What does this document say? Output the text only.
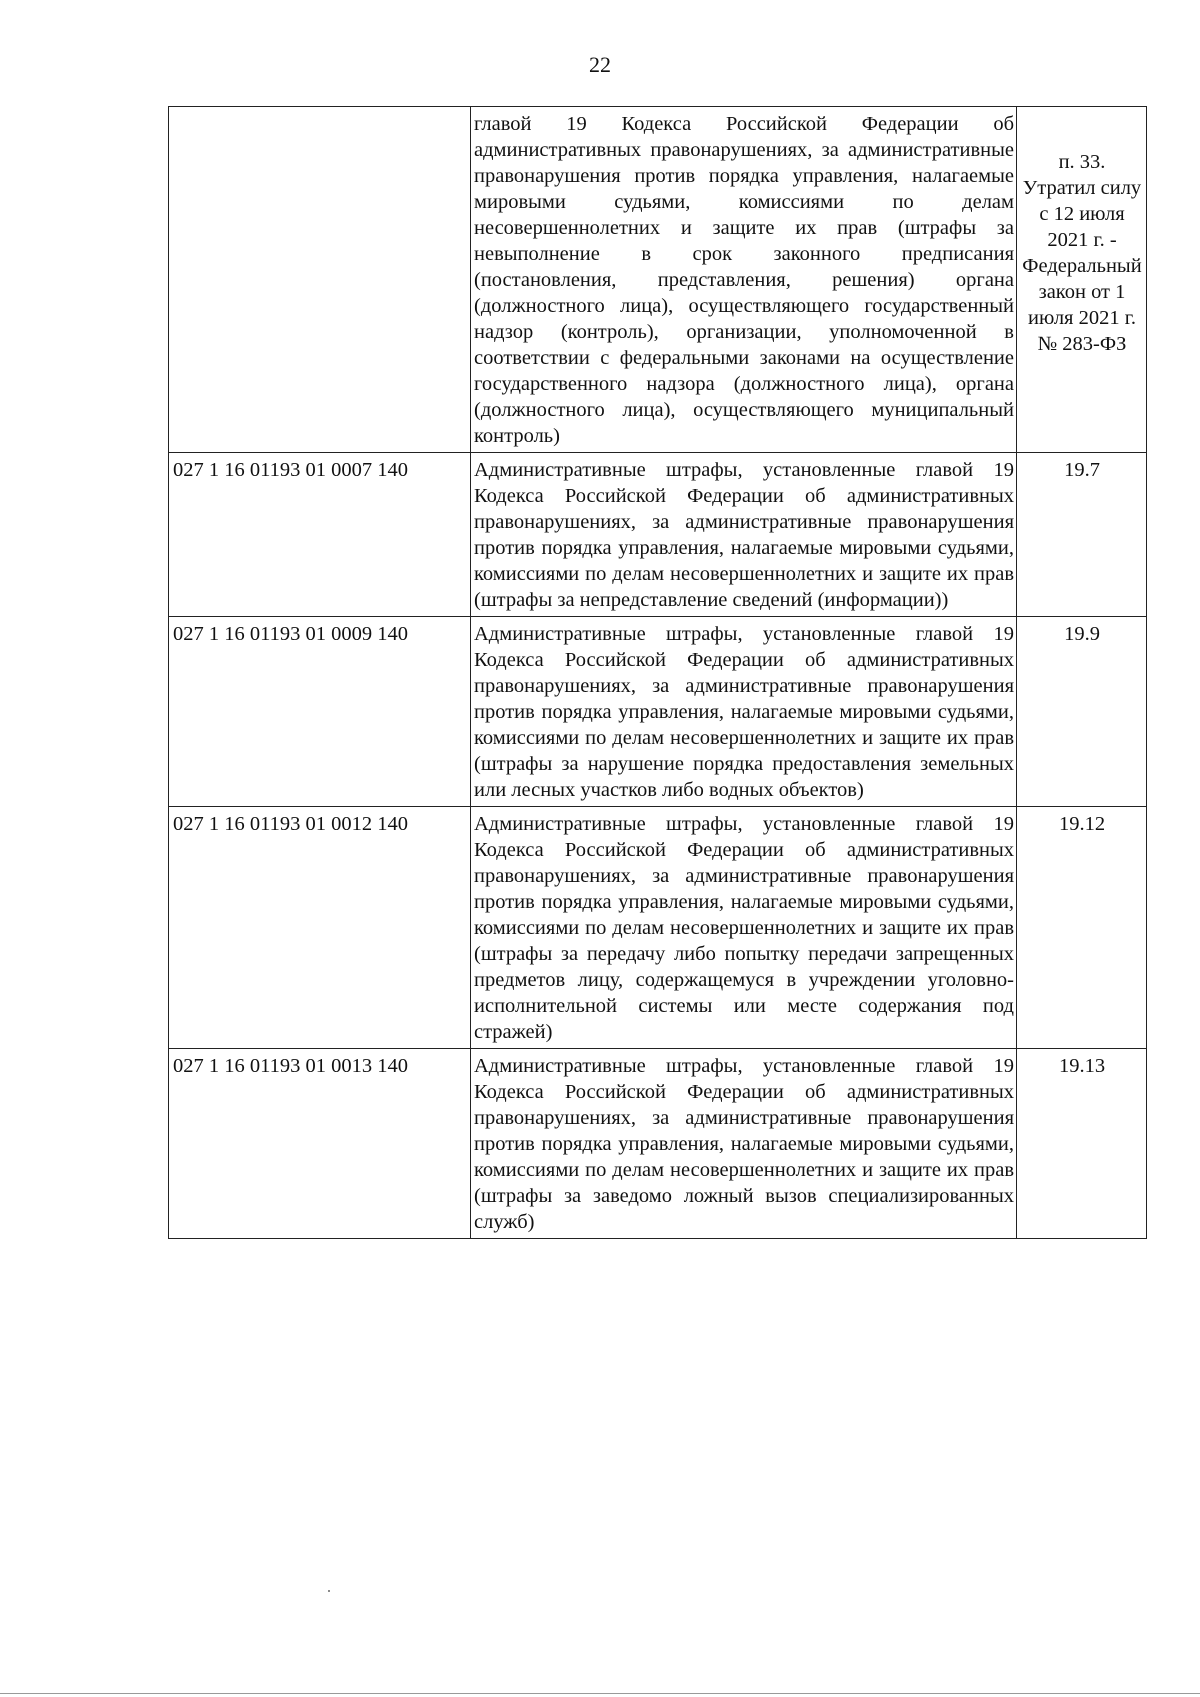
22
	главой 19 Кодекса Российской Федерации об административных правонарушениях, за административные правонарушения против порядка управления, налагаемые мировыми судьями, комиссиями по делам несовершеннолетних и защите их прав (штрафы за невыполнение в срок законного предписания (постановления, представления, решения) органа (должностного лица), осуществляющего государственный надзор (контроль), организации, уполномоченной в соответствии с федеральными законами на осуществление государственного надзора (должностного лица), органа (должностного лица), осуществляющего муниципальный контроль)	п. 33. Утратил силу с 12 июля 2021 г. - Федеральный закон от 1 июля 2021 г. № 283-ФЗ
027 1 16 01193 01 0007 140	Административные штрафы, установленные главой 19 Кодекса Российской Федерации об административных правонарушениях, за административные правонарушения против порядка управления, налагаемые мировыми судьями, комиссиями по делам несовершеннолетних и защите их прав (штрафы за непредставление сведений (информации))	19.7
027 1 16 01193 01 0009 140	Административные штрафы, установленные главой 19 Кодекса Российской Федерации об административных правонарушениях, за административные правонарушения против порядка управления, налагаемые мировыми судьями, комиссиями по делам несовершеннолетних и защите их прав (штрафы за нарушение порядка предоставления земельных или лесных участков либо водных объектов)	19.9
027 1 16 01193 01 0012 140	Административные штрафы, установленные главой 19 Кодекса Российской Федерации об административных правонарушениях, за административные правонарушения против порядка управления, налагаемые мировыми судьями, комиссиями по делам несовершеннолетних и защите их прав (штрафы за передачу либо попытку передачи запрещенных предметов лицу, содержащемуся в учреждении уголовно-исполнительной системы или месте содержания под стражей)	19.12
027 1 16 01193 01 0013 140	Административные штрафы, установленные главой 19 Кодекса Российской Федерации об административных правонарушениях, за административные правонарушения против порядка управления, налагаемые мировыми судьями, комиссиями по делам несовершеннолетних и защите их прав (штрафы за заведомо ложный вызов специализированных служб)	19.13
